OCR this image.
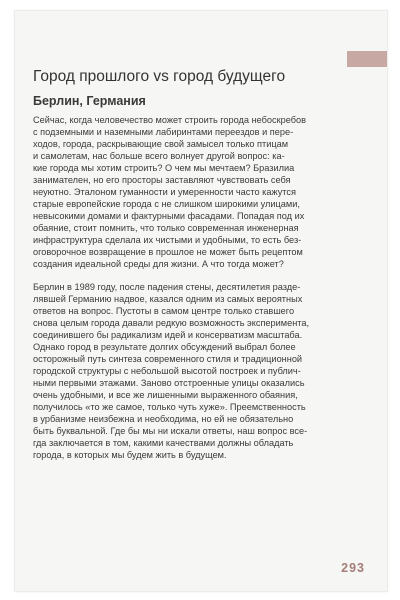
Город прошлого vs город будущего
Берлин, Германия

Сейчас, когда человечество может строить города небоскребов
с подземными и наземными лабиринтами переездов и пере-
ходов, города, раскрывающие свой замысел только птицам
и самолетам, нас больше всего волнует другой вопрос: ка-
кие города мы хотим строить? О чем мы мечтаем? Бразилиа
занимателен, но его просторы заставляют чувствовать себя
неуютно. Эталоном гуманности и умеренности часто кажутся
старые европейские города с не слишком широкими улицами,
невысокими домами и фактурными фасадами. Попадая под их
обаяние, стоит помнить, что только современная инженерная
инфраструктура сделала их чистыми и удобными, то есть без-
оговорочное возвращение в прошлое не может быть рецептом
создания идеальной среды для жизни. А что тогда может?

Берлин в 1989 году, после падения стены, десятилетия разде-
лявшей Германию надвое, казался одним из самых вероятных
ответов на вопрос. Пустоты в самом центре только ставшего
снова целым города давали редкую возможность эксперимента,
соединившего бы радикализм идей и консерватизм масштаба.
Однако город в результате долгих обсуждений выбрал более
осторожный путь синтеза современного стиля и традиционной
городской структуры с небольшой высотой построек и публич-
ными первыми этажами. Заново отстроенные улицы оказались
очень удобными, и все же лишенными выраженного обаяния,
получилось «то же самое, только чуть хуже». Преемственность
в урбанизме неизбежна и необходима, но ей не обязательно
быть буквальной. Где бы мы ни искали ответы, наш вопрос все-
гда заключается в том, какими качествами должны обладать
города, в которых мы будем жить в будущем.

293
